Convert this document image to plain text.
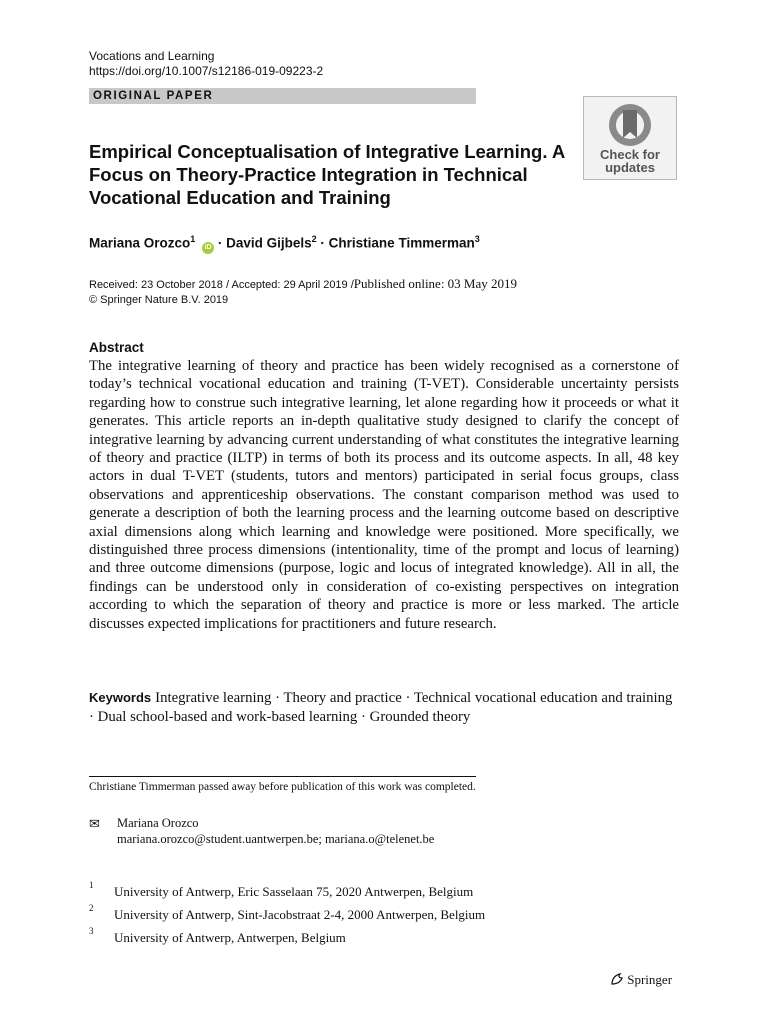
Vocations and Learning
https://doi.org/10.1007/s12186-019-09223-2
ORIGINAL PAPER
Check for
updates
Empirical Conceptualisation of Integrative Learning. A Focus on Theory-Practice Integration in Technical Vocational Education and Training
Mariana Orozco$^1$ iD · David Gijbels$^2$ · Christiane Timmerman$^3$
Received: 23 October 2018 / Accepted: 29 April 2019 /Published online: 03 May 2019
© Springer Nature B.V. 2019
Abstract

The integrative learning of theory and practice has been widely recognised as a cornerstone of today’s technical vocational education and training (T-VET). Considerable uncertainty persists regarding how to construe such integrative learning, let alone regarding how it proceeds or what it generates. This article reports an in-depth qualitative study designed to clarify the concept of integrative learning by advancing current understanding of what constitutes the integrative learning of theory and practice (ILTP) in terms of both its process and its outcome aspects. In all, 48 key actors in dual T-VET (students, tutors and mentors) participated in serial focus groups, class observations and apprenticeship observations. The constant comparison method was used to generate a description of both the learning process and the learning outcome based on descriptive axial dimensions along which learning and knowledge were positioned. More specifically, we distinguished three process dimensions (intentionality, time of the prompt and locus of learning) and three outcome dimensions (purpose, logic and locus of integrated knowledge). All in all, the findings can be understood only in consideration of co-existing perspectives on integration according to which the separation of theory and practice is more or less marked. The article discusses expected implications for practitioners and future research.

Keywords Integrative learning · Theory and practice · Technical vocational education and training · Dual school-based and work-based learning · Grounded theory

Christiane Timmerman passed away before publication of this work was completed.
✉ Mariana Orozco
mariana.orozco@student.uantwerpen.be; mariana.o@telenet.be
1 University of Antwerp, Eric Sasselaan 75, 2020 Antwerpen, Belgium
2 University of Antwerp, Sint-Jacobstraat 2-4, 2000 Antwerpen, Belgium
3 University of Antwerp, Antwerpen, Belgium
Springer
